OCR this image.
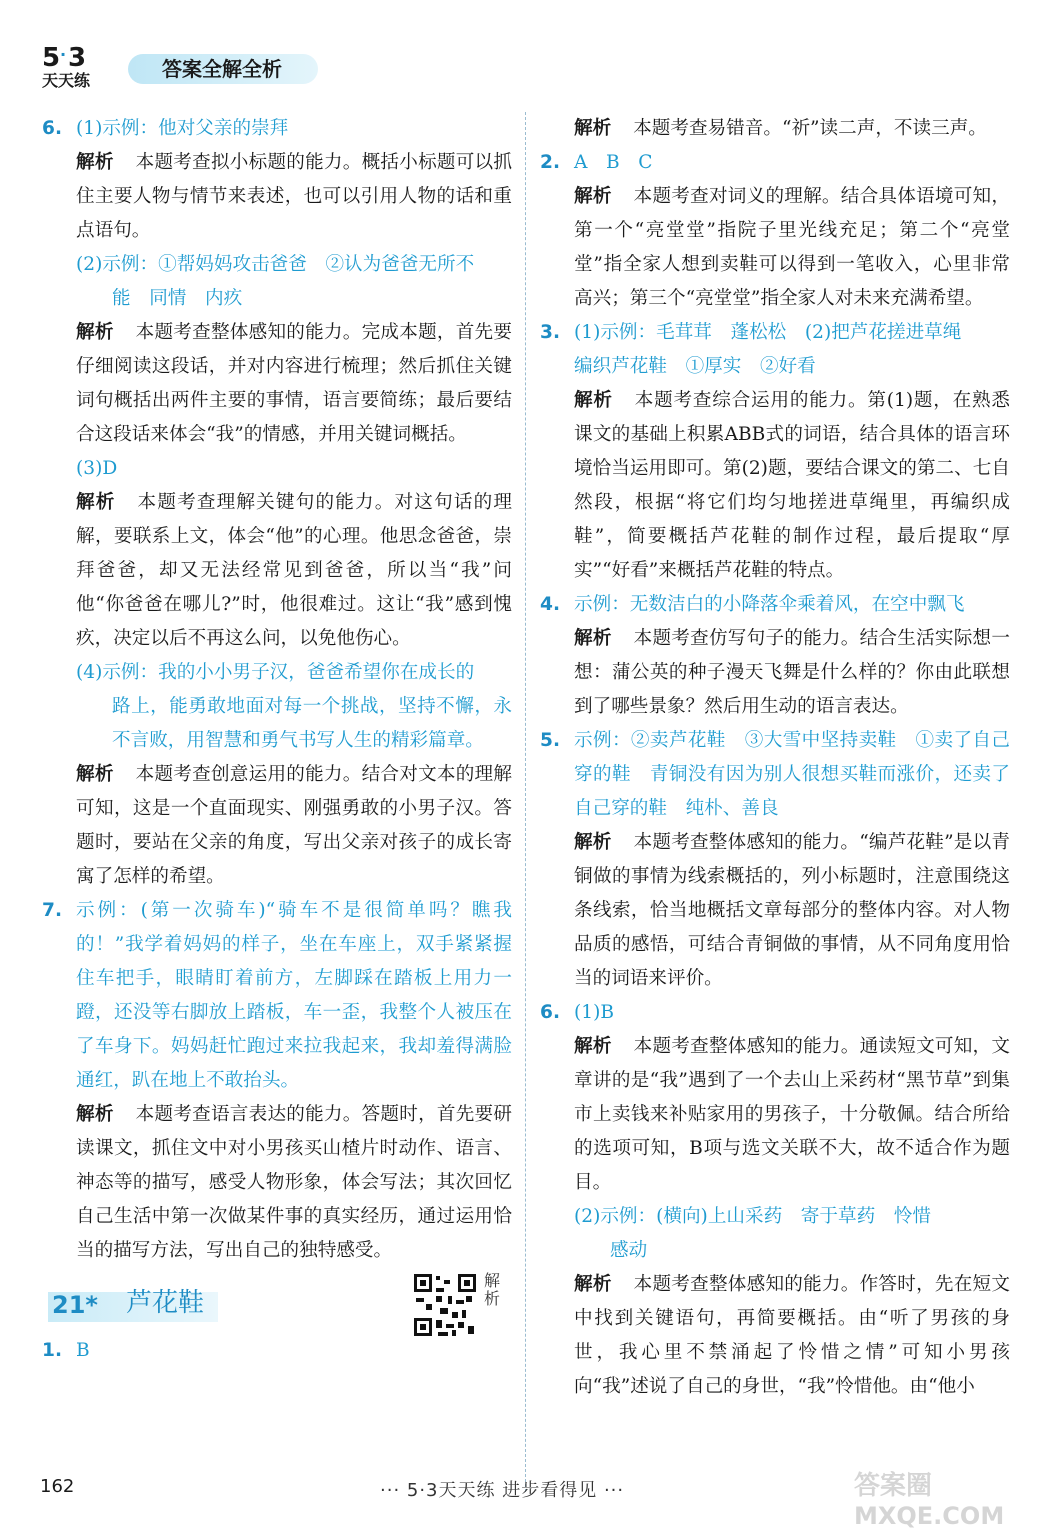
5 · 3
天天练	答案全解全析
6. (1)示例：他对父亲的崇拜
解析 本题考查拟小标题的能力。概括小标题可以抓住主要人物与情节来表述，也可以引用人物的话和重点语句。
(2)示例：①帮妈妈攻击爸爸　②认为爸爸无所不
能　同情　内疚
解析 本题考查整体感知的能力。完成本题，首先要仔细阅读这段话，并对内容进行梳理；然后抓住关键词句概括出两件主要的事情，语言要简练；最后要结合这段话来体会“我”的情感，并用关键词概括。
(3)D
解析 本题考查理解关键句的能力。对这句话的理解，要联系上文，体会“他”的心理。他思念爸爸，崇拜爸爸，却又无法经常见到爸爸，所以当“我”问他“你爸爸在哪儿?”时，他很难过。这让“我”感到愧疚，决定以后不再这么问，以免他伤心。
(4)示例：我的小小男子汉，爸爸希望你在成长的
路上，能勇敢地面对每一个挑战，坚持不懈，永不言败，用智慧和勇气书写人生的精彩篇章。
解析 本题考查创意运用的能力。结合对文本的理解可知，这是一个直面现实、刚强勇敢的小男子汉。答题时，要站在父亲的角度，写出父亲对孩子的成长寄寓了怎样的希望。
7. 示例：(第一次骑车)“骑车不是很简单吗？瞧我的！”我学着妈妈的样子，坐在车座上，双手紧紧握住车把手，眼睛盯着前方，左脚踩在踏板上用力一蹬，还没等右脚放上踏板，车一歪，我整个人被压在了车身下。妈妈赶忙跑过来拉我起来，我却羞得满脸通红，趴在地上不敢抬头。
解析 本题考查语言表达的能力。答题时，首先要研读课文，抓住文中对小男孩买山楂片时动作、语言、神态等的描写，感受人物形象，体会写法；其次回忆自己生活中第一次做某件事的真实经历，通过运用恰当的描写方法，写出自己的独特感受。
21* 芦花鞋
解析
1. B
解析 本题考查易错音。“祈”读二声，不读三声。
2. A　B　C
解析 本题考查对词义的理解。结合具体语境可知，第一个“亮堂堂”指院子里光线充足；第二个“亮堂堂”指全家人想到卖鞋可以得到一笔收入，心里非常高兴；第三个“亮堂堂”指全家人对未来充满希望。
3. (1)示例：毛茸茸　蓬松松　(2)把芦花搓进草绳
编织芦花鞋　①厚实　②好看
解析 本题考查综合运用的能力。第(1)题，在熟悉课文的基础上积累ABB式的词语，结合具体的语言环境恰当运用即可。第(2)题，要结合课文的第二、七自然段，根据“将它们均匀地搓进草绳里，再编织成鞋”，简要概括芦花鞋的制作过程，最后提取“厚实”“好看”来概括芦花鞋的特点。
4. 示例：无数洁白的小降落伞乘着风，在空中飘飞
解析 本题考查仿写句子的能力。结合生活实际想一想：蒲公英的种子漫天飞舞是什么样的？你由此联想到了哪些景象？然后用生动的语言表达。
5. 示例：②卖芦花鞋　③大雪中坚持卖鞋　①卖了自己穿的鞋　青铜没有因为别人很想买鞋而涨价，还卖了自己穿的鞋　纯朴、善良
解析 本题考查整体感知的能力。“编芦花鞋”是以青铜做的事情为线索概括的，列小标题时，注意围绕这条线索，恰当地概括文章每部分的整体内容。对人物品质的感悟，可结合青铜做的事情，从不同角度用恰当的词语来评价。
6. (1)B
解析 本题考查整体感知的能力。通读短文可知，文章讲的是“我”遇到了一个去山上采药材“黑节草”到集市上卖钱来补贴家用的男孩子，十分敬佩。结合所给的选项可知，B项与选文关联不大，故不适合作为题目。
(2)示例：(横向)上山采药　寄于草药　怜惜
感动
解析 本题考查整体感知的能力。作答时，先在短文中找到关键语句，再简要概括。由“听了男孩的身世，我心里不禁涌起了怜惜之情”可知小男孩向“我”述说了自己的身世，“我”怜惜他。由“他小
162	··· 5·3天天练 进步看得见 ···	答案圈
MXQE.COM
